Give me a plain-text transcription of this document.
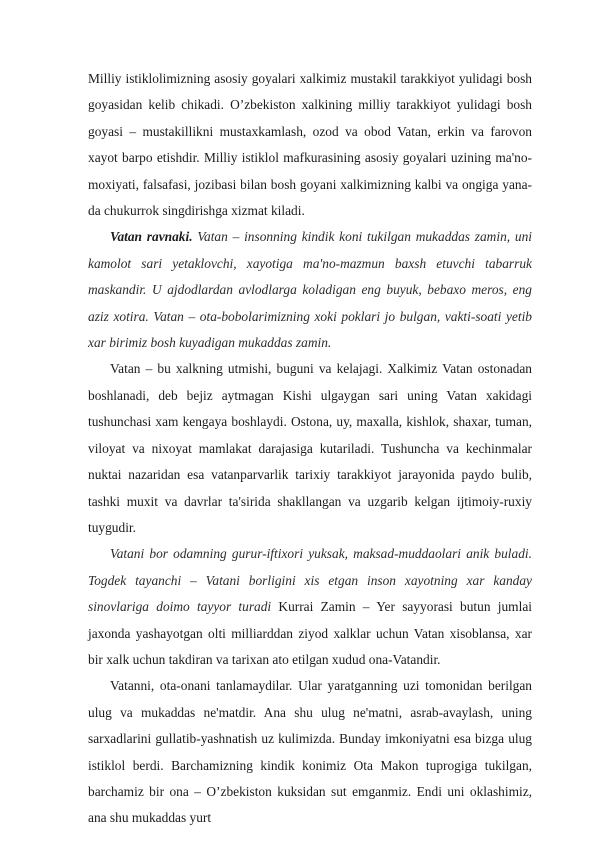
Milliy istiklolimizning asosiy goyalari xalkimiz mustakil tarakkiyot yulidagi bosh goyasidan kelib chikadi. O’zbekiston xalkining milliy tarakkiyot yulidagi bosh goyasi – mustakillikni mustaxkamlash, ozod va obod Vatan, erkin va farovon xayot barpo etishdir. Milliy istiklol mafkurasining asosiy goyalari uzining ma'no-moxiyati, falsafasi, jozibasi bilan bosh goyani xalkimizning kalbi va ongiga yana-da chukurrok singdirishga xizmat kiladi.

Vatan ravnaki. Vatan – insonning kindik koni tukilgan mukaddas zamin, uni kamolot sari yetaklovchi, xayotiga ma'no-mazmun baxsh etuvchi tabarruk maskandir. U ajdodlardan avlodlarga koladigan eng buyuk, bebaxo meros, eng aziz xotira. Vatan – ota-bobolarimizning xoki poklari jo bulgan, vakti-soati yetib xar birimiz bosh kuyadigan mukaddas zamin.

Vatan – bu xalkning utmishi, buguni va kelajagi. Xalkimiz Vatan ostonadan boshlanadi, deb bejiz aytmagan Kishi ulgaygan sari uning Vatan xakidagi tushunchasi xam kengaya boshlaydi. Ostona, uy, maxalla, kishlok, shaxar, tuman, viloyat va nixoyat mamlakat darajasiga kutariladi. Tushuncha va kechinmalar nuktai nazaridan esa vatanparvarlik tarixiy tarakkiyot jarayonida paydo bulib, tashki muxit va davrlar ta'sirida shakllangan va uzgarib kelgan ijtimoiy-ruxiy tuygudir.

Vatani bor odamning gurur-iftixori yuksak, maksad-muddaolari anik buladi. Togdek tayanchi – Vatani borligini xis etgan inson xayotning xar kanday sinovlariga doimo tayyor turadi Kurrai Zamin – Yer sayyorasi butun jumlai jaxonda yashayotgan olti milliarddan ziyod xalklar uchun Vatan xisoblansa, xar bir xalk uchun takdiran va tarixan ato etilgan xudud ona-Vatandir.

Vatanni, ota-onani tanlamaydilar. Ular yaratganning uzi tomonidan berilgan ulug va mukaddas ne'matdir. Ana shu ulug ne'matni, asrab-avaylash, uning sarxadlarini gullatib-yashnatish uz kulimizda. Bunday imkoniyatni esa bizga ulug istiklol berdi. Barchamizning kindik konimiz Ota Makon tuprogiga tukilgan, barchamiz bir ona – O’zbekiston kuksidan sut emganmiz. Endi uni oklashimiz, ana shu mukaddas yurt
